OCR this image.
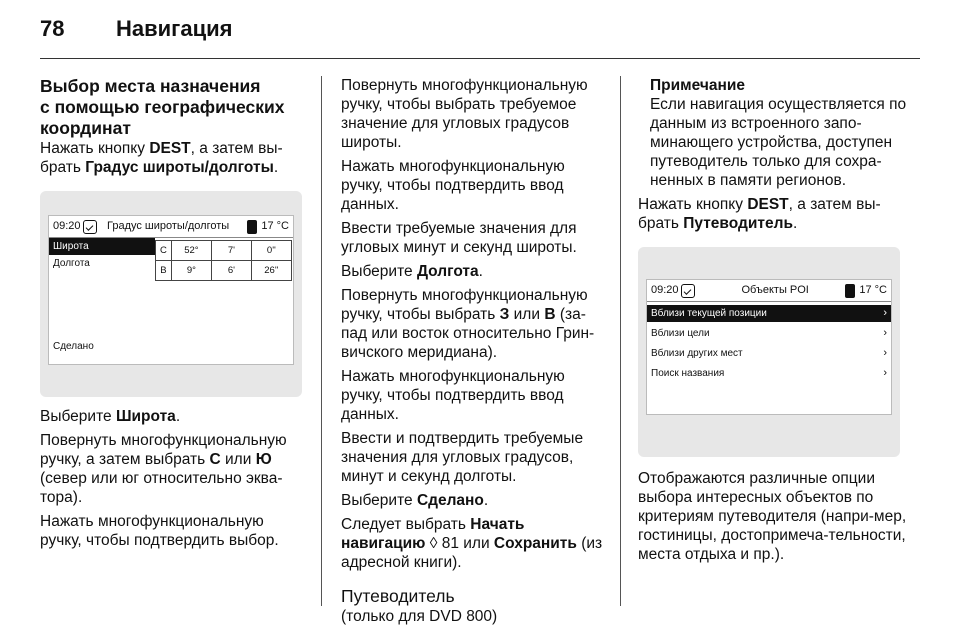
78	Навигация
Выбор места назначения
с помощью географических
координат

Нажать кнопку DEST, а затем вы-
брать Градус широты/долготы.

09:20 Градус широты/долготы	17 °C
Широта
Долгота
C	52°	7'	0''
B	9°	6'	26''
Сделано

Выберите Широта.

Повернуть многофункциональную ручку, а затем выбрать C или Ю (север или юг относительно эква-тора).

Нажать многофункциональную ручку, чтобы подтвердить выбор.

Повернуть многофункциональную ручку, чтобы выбрать требуемое значение для угловых градусов широты.

Нажать многофункциональную ручку, чтобы подтвердить ввод данных.

Ввести требуемые значения для угловых минут и секунд широты.

Выберите Долгота.

Повернуть многофункциональную ручку, чтобы выбрать З или В (за-пад или восток относительно Грин-вичского меридиана).

Нажать многофункциональную ручку, чтобы подтвердить ввод данных.

Ввести и подтвердить требуемые значения для угловых градусов, минут и секунд долготы.

Выберите Сделано.

Следует выбрать Начать навигацию ◊ 81 или Сохранить (из адресной книги).

Путеводитель
(только для DVD 800)
Примечание

Если навигация осуществляется по данным из встроенного запо-минающего устройства, доступен путеводитель только для сохра-ненных в памяти регионов.

Нажать кнопку DEST, а затем вы-брать Путеводитель.

09:20	Объекты POI	17 °C
Вблизи текущей позиции	›
Вблизи цели	›
Вблизи других мест	›
Поиск названия	›

Отображаются различные опции выбора интересных объектов по критериям путеводителя (напри-мер, гостиницы, достопримеча-тельности, места отдыха и пр.).
